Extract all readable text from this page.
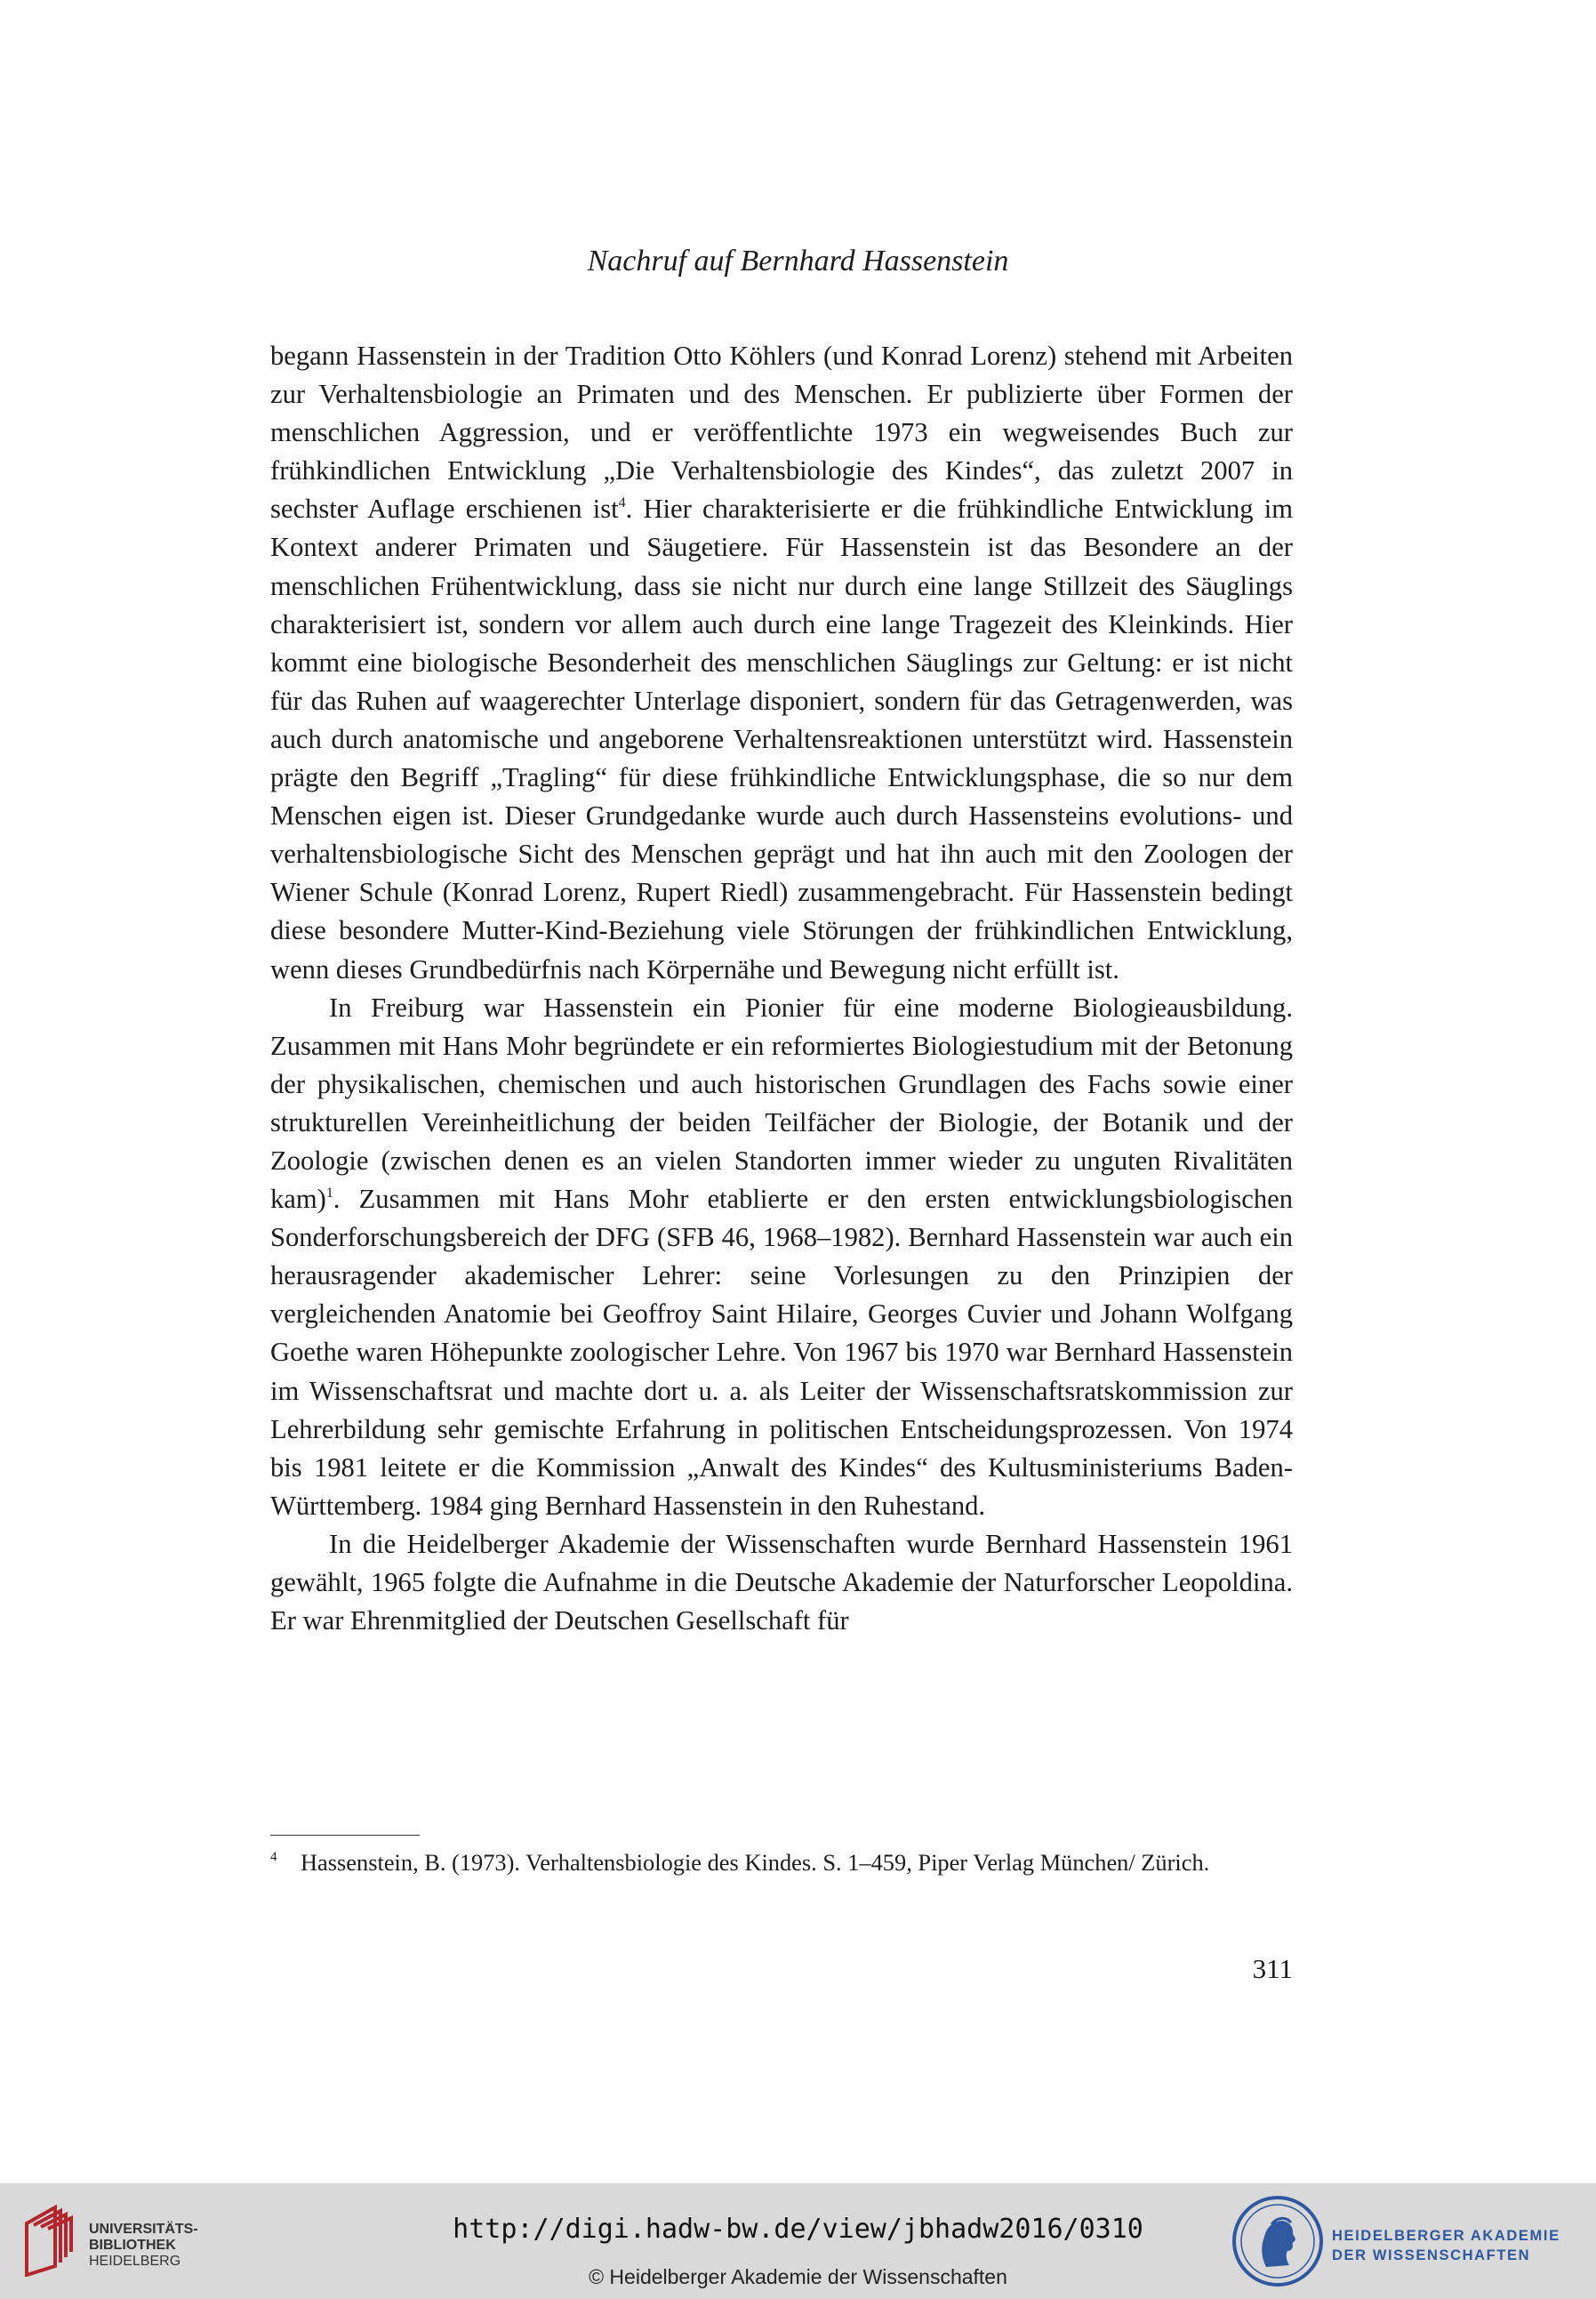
Nachruf auf Bernhard Hassenstein

begann Hassenstein in der Tradition Otto Köhlers (und Konrad Lorenz) stehend mit Arbeiten zur Verhaltensbiologie an Primaten und des Menschen. Er publizierte über Formen der menschlichen Aggression, und er veröffentlichte 1973 ein wegweisendes Buch zur frühkindlichen Entwicklung „Die Verhaltensbiologie des Kindes“, das zuletzt 2007 in sechster Auflage erschienen ist$^4$. Hier charakterisierte er die frühkindliche Entwicklung im Kontext anderer Primaten und Säugetiere. Für Hassenstein ist das Besondere an der menschlichen Frühentwicklung, dass sie nicht nur durch eine lange Stillzeit des Säuglings charakterisiert ist, sondern vor allem auch durch eine lange Tragezeit des Kleinkinds. Hier kommt eine biologische Besonderheit des menschlichen Säuglings zur Geltung: er ist nicht für das Ruhen auf waagerechter Unterlage disponiert, sondern für das Getragenwerden, was auch durch anatomische und angeborene Verhaltensreaktionen unterstützt wird. Hassenstein prägte den Begriff „Tragling“ für diese frühkindliche Entwicklungsphase, die so nur dem Menschen eigen ist. Dieser Grundgedanke wurde auch durch Hassensteins evolutions- und verhaltensbiologische Sicht des Menschen geprägt und hat ihn auch mit den Zoologen der Wiener Schule (Konrad Lorenz, Rupert Riedl) zusammengebracht. Für Hassenstein bedingt diese besondere Mutter-Kind-Beziehung viele Störungen der frühkindlichen Entwicklung, wenn dieses Grundbedürfnis nach Körpernähe und Bewegung nicht erfüllt ist.

In Freiburg war Hassenstein ein Pionier für eine moderne Biologieausbildung. Zusammen mit Hans Mohr begründete er ein reformiertes Biologiestudium mit der Betonung der physikalischen, chemischen und auch historischen Grundlagen des Fachs sowie einer strukturellen Vereinheitlichung der beiden Teilfächer der Biologie, der Botanik und der Zoologie (zwischen denen es an vielen Standorten immer wieder zu unguten Rivalitäten kam)$^1$. Zusammen mit Hans Mohr etablierte er den ersten entwicklungsbiologischen Sonderforschungsbereich der DFG (SFB 46, 1968–1982). Bernhard Hassenstein war auch ein herausragender akademischer Lehrer: seine Vorlesungen zu den Prinzipien der vergleichenden Anatomie bei Geoffroy Saint Hilaire, Georges Cuvier und Johann Wolfgang Goethe waren Höhepunkte zoologischer Lehre. Von 1967 bis 1970 war Bernhard Hassenstein im Wissenschaftsrat und machte dort u. a. als Leiter der Wissenschaftsratskommission zur Lehrerbildung sehr gemischte Erfahrung in politischen Entscheidungsprozessen. Von 1974 bis 1981 leitete er die Kommission „Anwalt des Kindes“ des Kultusministeriums Baden-Württemberg. 1984 ging Bernhard Hassenstein in den Ruhestand.

In die Heidelberger Akademie der Wissenschaften wurde Bernhard Hassenstein 1961 gewählt, 1965 folgte die Aufnahme in die Deutsche Akademie der Naturforscher Leopoldina. Er war Ehrenmitglied der Deutschen Gesellschaft für

4 Hassenstein, B. (1973). Verhaltensbiologie des Kindes. S. 1–459, Piper Verlag München/ Zürich.
311
UNIVERSITÄTS-
BIBLIOTHEK
HEIDELBERG
http://digi.hadw-bw.de/view/jbhadw2016/0310
© Heidelberger Akademie der Wissenschaften
HEIDELBERGER AKADEMIE
DER WISSENSCHAFTEN
